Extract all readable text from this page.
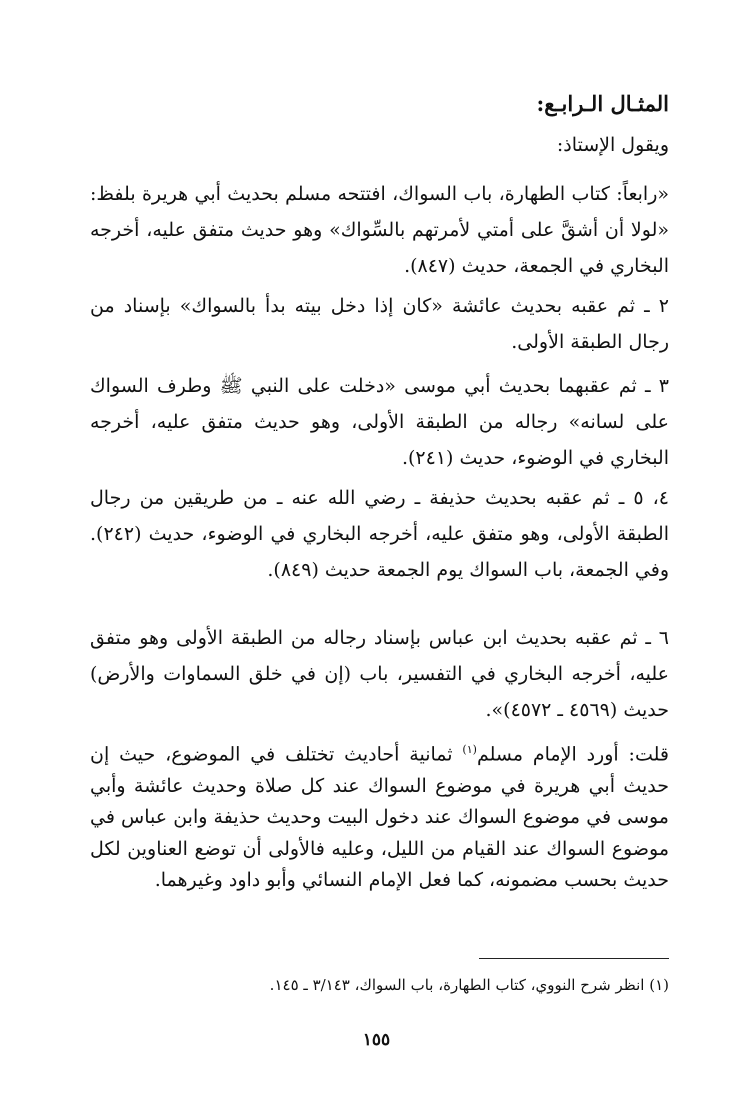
المثـال الـرابـع:
ويقول الإستاذ:
«رابعاً: كتاب الطهارة، باب السواك، افتتحه مسلم بحديث أبي هريرة بلفظ: «لولا أن أشقَّ على أمتي لأمرتهم بالسِّواك» وهو حديث متفق عليه، أخرجه البخاري في الجمعة، حديث (٨٤٧).
٢ ـ ثم عقبه بحديث عائشة «كان إذا دخل بيته بدأ بالسواك» بإسناد من رجال الطبقة الأولى.
٣ ـ ثم عقبهما بحديث أبي موسى «دخلت على النبي ﷺ وطرف السواك على لسانه» رجاله من الطبقة الأولى، وهو حديث متفق عليه، أخرجه البخاري في الوضوء، حديث (٢٤١).
٤، ٥ ـ ثم عقبه بحديث حذيفة ـ رضي الله عنه ـ من طريقين من رجال الطبقة الأولى، وهو متفق عليه، أخرجه البخاري في الوضوء، حديث (٢٤٢). وفي الجمعة، باب السواك يوم الجمعة حديث (٨٤٩).
٦ ـ ثم عقبه بحديث ابن عباس بإسناد رجاله من الطبقة الأولى وهو متفق عليه، أخرجه البخاري في التفسير، باب (إن في خلق السماوات والأرض) حديث (٤٥٦٩ ـ ٤٥٧٢)».
قلت: أورد الإمام مسلم$^{(١)}$ ثمانية أحاديث تختلف في الموضوع، حيث إن حديث أبي هريرة في موضوع السواك عند كل صلاة وحديث عائشة وأبي موسى في موضوع السواك عند دخول البيت وحديث حذيفة وابن عباس في موضوع السواك عند القيام من الليل، وعليه فالأولى أن توضع العناوين لكل حديث بحسب مضمونه، كما فعل الإمام النسائي وأبو داود وغيرهما.
(١) انظر شرح النووي، كتاب الطهارة، باب السواك، ٣/١٤٣ ـ ١٤٥.
١٥٥
